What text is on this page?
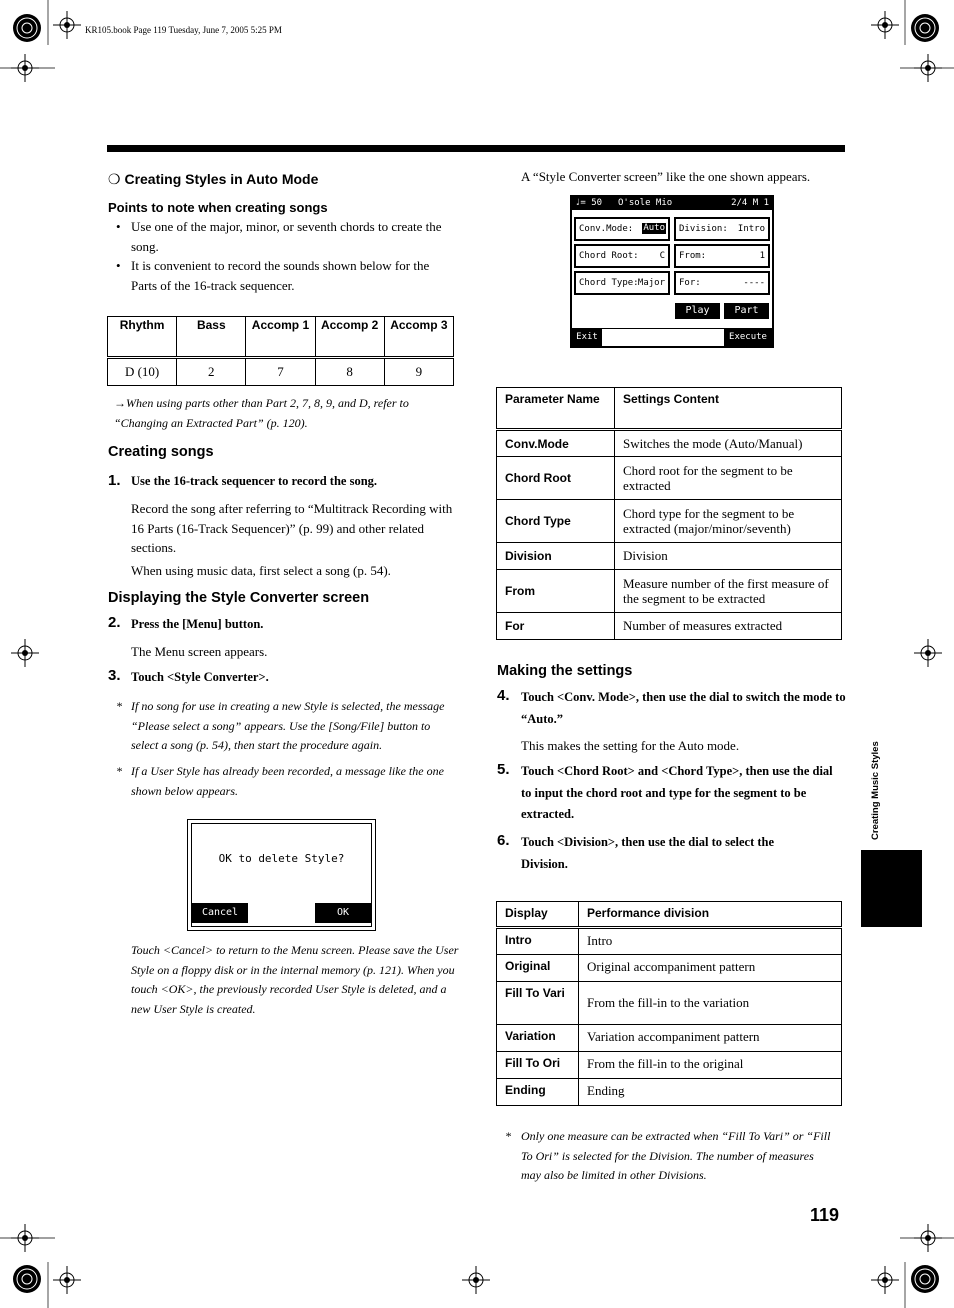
KR105.book Page 119 Tuesday, June 7, 2005 5:25 PM
Creating Music Styles
❍ Creating Styles in Auto Mode
Points to note when creating songs
• Use one of the major, minor, or seventh chords to create the song.
• It is convenient to record the sounds shown below for the Parts of the 16-track sequencer.
Rhythm	Bass	Accomp 1	Accomp 2	Accomp 3
D (10)	2	7	8	9
→When using parts other than Part 2, 7, 8, 9, and D, refer to “Changing an Extracted Part” (p. 120).
Creating songs
1. Use the 16-track sequencer to record the song.
Record the song after referring to “Multitrack Recording with 16 Parts (16-Track Sequencer)” (p. 99) and other related sections.
When using music data, first select a song (p. 54).
Displaying the Style Converter screen
2. Press the [Menu] button.
The Menu screen appears.
3. Touch <Style Converter>.
* If no song for use in creating a new Style is selected, the message “Please select a song” appears. Use the [Song/File] button to select a song (p. 54), then start the procedure again.
* If a User Style has already been recorded, a message like the one shown below appears.
OK to delete Style?
Cancel	OK
Touch <Cancel> to return to the Menu screen. Please save the User Style on a floppy disk or in the internal memory (p. 121). When you touch <OK>, the previously recorded User Style is deleted, and a new User Style is created.
A “Style Converter screen” like the one shown appears.
♩= 50 O'sole Mio	2/4 M 1
Conv.Mode: Auto Division: Intro
Chord Root: C From:	1
Chord Type: Major For:	----
Play	Part
Exit	Execute
Parameter Name	Settings Content
Conv.Mode	Switches the mode (Auto/Manual)
Chord Root	Chord root for the segment to be extracted
Chord Type	Chord type for the segment to be extracted (major/minor/seventh)
Division	Division
From	Measure number of the first measure of the segment to be extracted
For	Number of measures extracted
Making the settings
4. Touch <Conv. Mode>, then use the dial to switch the mode to “Auto.”
This makes the setting for the Auto mode.
5. Touch <Chord Root> and <Chord Type>, then use the dial to input the chord root and type for the segment to be extracted.
6. Touch <Division>, then use the dial to select the Division.
Display	Performance division
Intro	Intro
Original	Original accompaniment pattern
Fill To Vari	From the fill-in to the variation
Variation	Variation accompaniment pattern
Fill To Ori	From the fill-in to the original
Ending	Ending
* Only one measure can be extracted when “Fill To Vari” or “Fill To Ori” is selected for the Division. The number of measures may also be limited in other Divisions.
119
